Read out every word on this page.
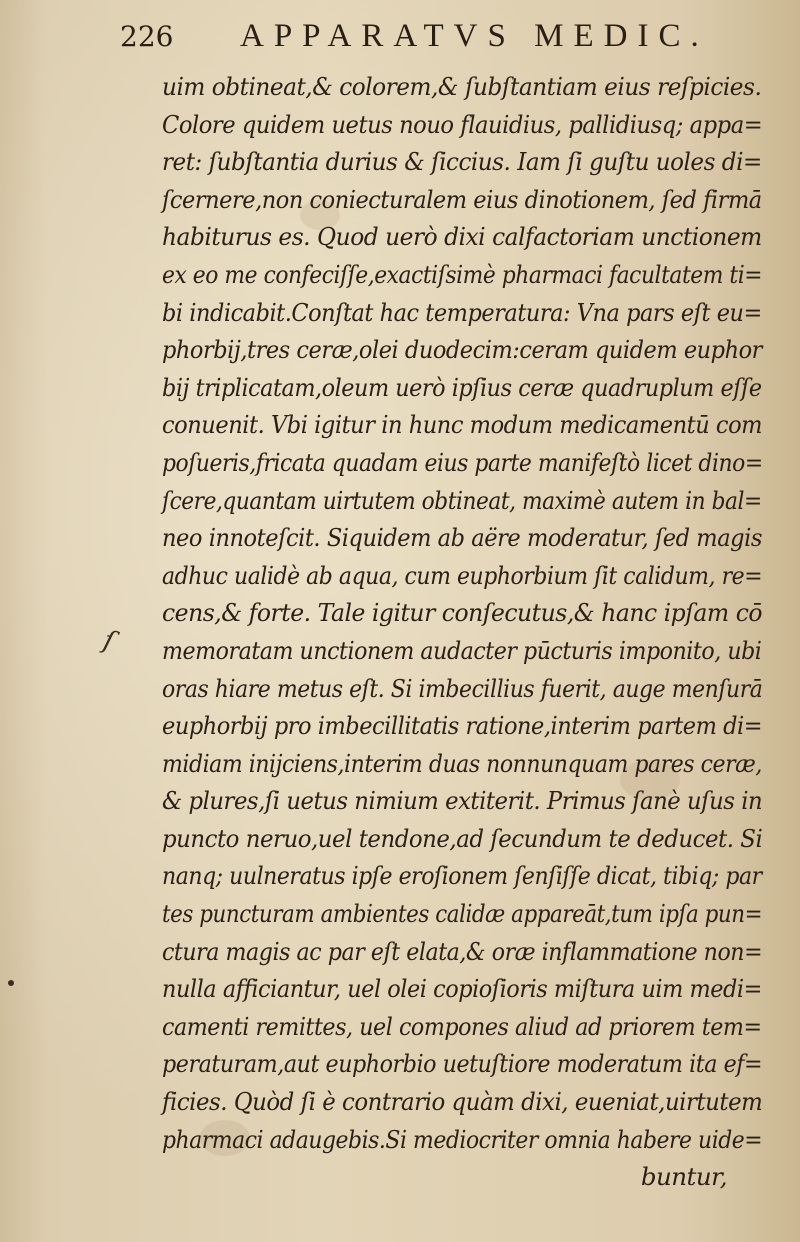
226 APPARATVS MEDIC.
ſ
uim obtineat,& colorem,& ſubſtantiam eius reſpicies.
Colore quidem uetus nouo flauidius, pallidiusq; appa=
ret: ſubſtantia durius & ſiccius. Iam ſi guſtu uoles di=
ſcernere,non coniecturalem eius dinotionem, ſed firmā
habiturus es. Quod uerò dixi calfactoriam unctionem
ex eo me confeciſſe,exactiſsimè pharmaci facultatem ti=
bi indicabit.Conſtat hac temperatura: Vna pars eſt eu=
phorbij,tres ceræ,olei duodecim:ceram quidem euphor
bij triplicatam,oleum uerò ipſius ceræ quadruplum eſſe
conuenit. Vbi igitur in hunc modum medicamentū com
poſueris,fricata quadam eius parte manifeſtò licet dino=
ſcere,quantam uirtutem obtineat, maximè autem in bal=
neo innoteſcit. Siquidem ab aëre moderatur, ſed magis
adhuc ualidè ab aqua, cum euphorbium ſit calidum, re=
cens,& forte. Tale igitur conſecutus,& hanc ipſam cō
memoratam unctionem audacter pūcturis imponito, ubi
oras hiare metus eſt. Si imbecillius fuerit, auge menſurā
euphorbij pro imbecillitatis ratione,interim partem di=
midiam inijciens,interim duas nonnunquam pares ceræ,
& plures,ſi uetus nimium extiterit. Primus ſanè uſus in
puncto neruo,uel tendone,ad ſecundum te deducet. Si
nanq; uulneratus ipſe eroſionem ſenſiſſe dicat, tibiq; par
tes puncturam ambientes calidæ appareāt,tum ipſa pun=
ctura magis ac par eſt elata,& oræ inflammatione non=
nulla afficiantur, uel olei copioſioris miſtura uim medi=
camenti remittes, uel compones aliud ad priorem tem=
peraturam,aut euphorbio uetuſtiore moderatum ita ef=
ficies. Quòd ſi è contrario quàm dixi, eueniat,uirtutem
pharmaci adaugebis.Si mediocriter omnia habere uide=
buntur,
